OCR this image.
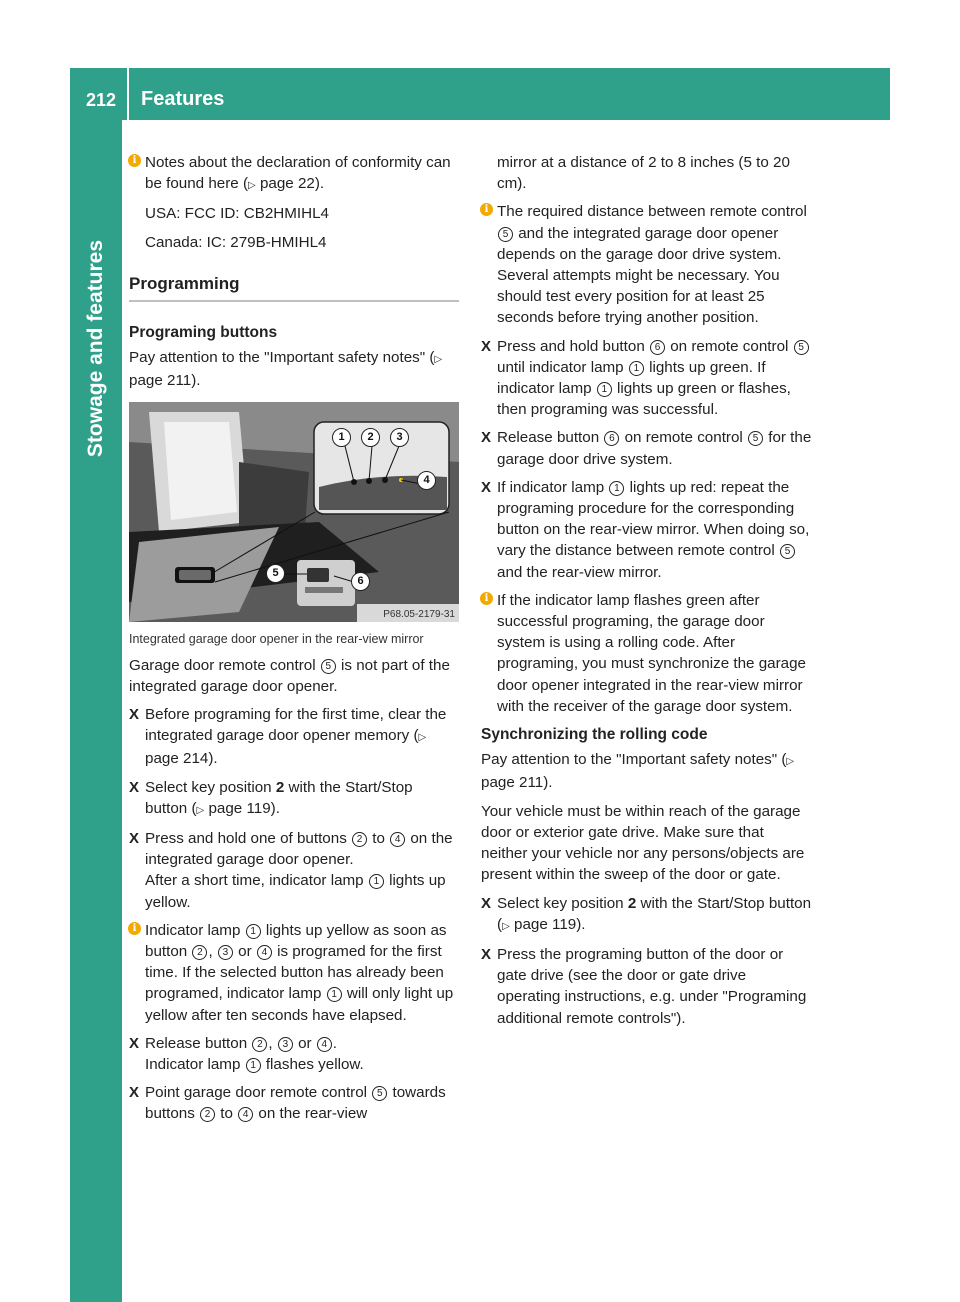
212 Features
Stowage and features
i Notes about the declaration of conformity can be found here (▷ page 22).

USA: FCC ID: CB2HMIHL4

Canada: IC: 279B-HMIHL4

Programming
Programing buttons

Pay attention to the "Important safety notes" (▷ page 211).

P68.05-2179-31
1	2	3
4
5
6
Integrated garage door opener in the rear-view mirror

Garage door remote control 5 is not part of the integrated garage door opener.

X Before programing for the first time, clear the integrated garage door opener memory (▷ page 214).
X Select key position 2 with the Start/Stop button (▷ page 119).
X Press and hold one of buttons 2 to 4 on the integrated garage door opener.
After a short time, indicator lamp 1 lights up yellow.
i Indicator lamp 1 lights up yellow as soon as button 2 , 3 or 4 is programed for the first time. If the selected button has already been programed, indicator lamp 1 will only light up yellow after ten seconds have elapsed.
X Release button 2 , 3 or 4 .
Indicator lamp 1 flashes yellow.
X Point garage door remote control 5 towards buttons 2 to 4 on the rear-view

mirror at a distance of 2 to 8 inches (5 to 20 cm).

i The required distance between remote control 5 and the integrated garage door opener depends on the garage door drive system. Several attempts might be necessary. You should test every position for at least 25 seconds before trying another position.
X Press and hold button 6 on remote control 5 until indicator lamp 1 lights up green. If indicator lamp 1 lights up green or flashes, then programing was successful.
X Release button 6 on remote control 5 for the garage door drive system.
X If indicator lamp 1 lights up red: repeat the programing procedure for the corresponding button on the rear-view mirror. When doing so, vary the distance between remote control 5 and the rear-view mirror.
i If the indicator lamp flashes green after successful programing, the garage door system is using a rolling code. After programing, you must synchronize the garage door opener integrated in the rear-view mirror with the receiver of the garage door system.
Synchronizing the rolling code

Pay attention to the "Important safety notes" (▷ page 211).

Your vehicle must be within reach of the garage door or exterior gate drive. Make sure that neither your vehicle nor any persons/objects are present within the sweep of the door or gate.

X Select key position 2 with the Start/Stop button (▷ page 119).
X Press the programing button of the door or gate drive (see the door or gate drive operating instructions, e.g. under "Programing additional remote controls").
